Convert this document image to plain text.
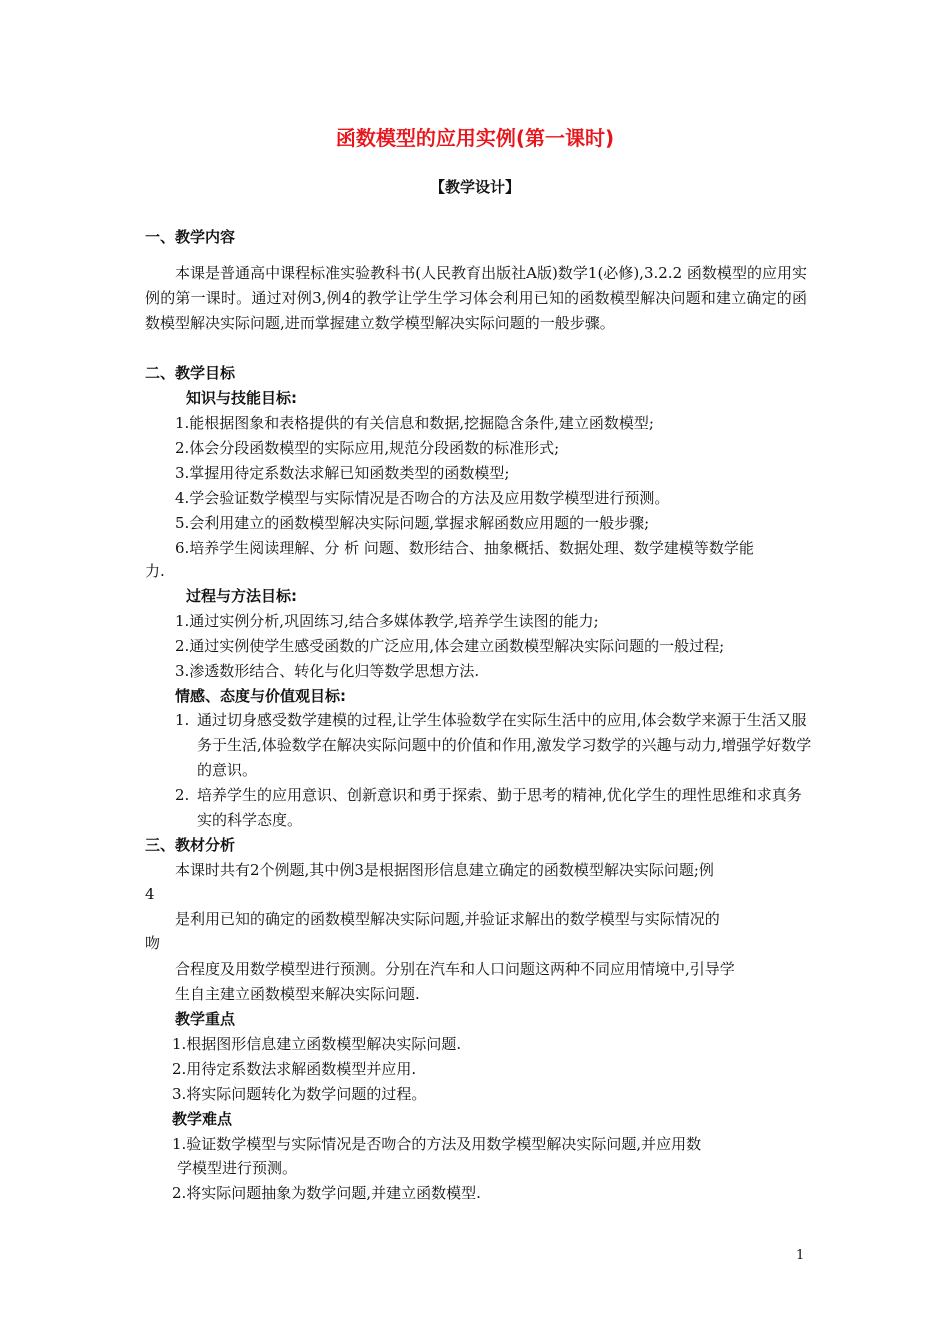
函数模型的应用实例(第一课时)
【教学设计】
一、教学内容
本课是普通高中课程标准实验教科书(人民教育出版社A版)数学1(必修),3.2.2 函数模型的应用实例的第一课时。通过对例3,例4的教学让学生学习体会利用已知的函数模型解决问题和建立确定的函数模型解决实际问题,进而掌握建立数学模型解决实际问题的一般步骤。
二、教学目标
知识与技能目标:
1.能根据图象和表格提供的有关信息和数据,挖掘隐含条件,建立函数模型;
2.体会分段函数模型的实际应用,规范分段函数的标准形式;
3.掌握用待定系数法求解已知函数类型的函数模型;
4.学会验证数学模型与实际情况是否吻合的方法及应用数学模型进行预测。
5.会利用建立的函数模型解决实际问题,掌握求解函数应用题的一般步骤;
6.培养学生阅读理解、分 析 问题、数形结合、抽象概括、数据处理、数学建模等数学能
力.
过程与方法目标:
1.通过实例分析,巩固练习,结合多媒体教学,培养学生读图的能力;
2.通过实例使学生感受函数的广泛应用,体会建立函数模型解决实际问题的一般过程;
3.渗透数形结合、转化与化归等数学思想方法.
情感、态度与价值观目标:
1. 通过切身感受数学建模的过程,让学生体验数学在实际生活中的应用,体会数学来源于生活又服务于生活,体验数学在解决实际问题中的价值和作用,激发学习数学的兴趣与动力,增强学好数学的意识。
2. 培养学生的应用意识、创新意识和勇于探索、勤于思考的精神,优化学生的理性思维和求真务实的科学态度。
三、教材分析
本课时共有2个例题,其中例3是根据图形信息建立确定的函数模型解决实际问题;例
4
是利用已知的确定的函数模型解决实际问题,并验证求解出的数学模型与实际情况的
吻
合程度及用数学模型进行预测。分别在汽车和人口问题这两种不同应用情境中,引导学
生自主建立函数模型来解决实际问题.
教学重点
1.根据图形信息建立函数模型解决实际问题.
2.用待定系数法求解函数模型并应用.
3.将实际问题转化为数学问题的过程。
教学难点
1.验证数学模型与实际情况是否吻合的方法及用数学模型解决实际问题,并应用数
学模型进行预测。
2.将实际问题抽象为数学问题,并建立函数模型.
1
